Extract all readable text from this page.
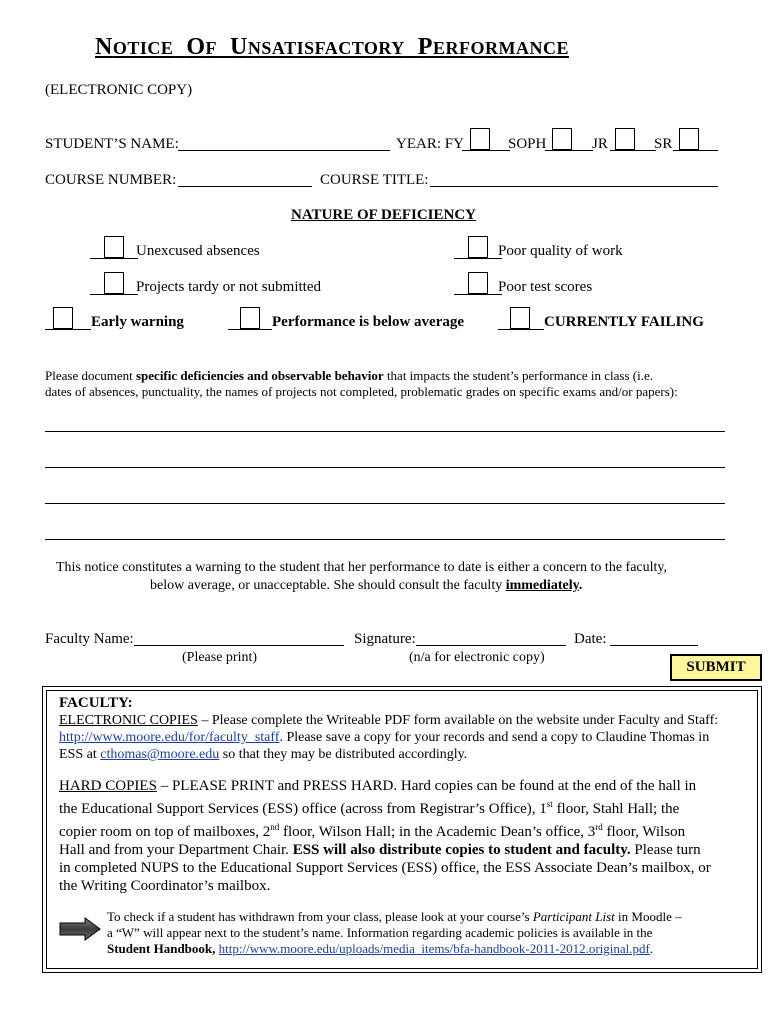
NOTICE OF UNSATISFACTORY PERFORMANCE
(ELECTRONIC COPY)
STUDENT’S NAME:	YEAR: FY	SOPH	JR	SR
COURSE NUMBER:	COURSE TITLE:
NATURE OF DEFICIENCY
Unexcused absences	Poor quality of work
Projects tardy or not submitted	Poor test scores
Early warning	Performance is below average	CURRENTLY FAILING
Please document specific deficiencies and observable behavior that impacts the student’s performance in class (i.e.
dates of absences, punctuality, the names of projects not completed, problematic grades on specific exams and/or papers):
This notice constitutes a warning to the student that her performance to date is either a concern to the faculty,
below average, or unacceptable. She should consult the faculty immediately.
Faculty Name:	Signature:	Date:
(Please print)	(n/a for electronic copy)
SUBMIT

FACULTY:

ELECTRONIC COPIES – Please complete the Writeable PDF form available on the website under Faculty and Staff:
http://www.moore.edu/for/faculty_staff. Please save a copy for your records and send a copy to Claudine Thomas in
ESS at cthomas@moore.edu so that they may be distributed accordingly.

HARD COPIES – PLEASE PRINT and PRESS HARD. Hard copies can be found at the end of the hall in
the Educational Support Services (ESS) office (across from Registrar’s Office), 1st floor, Stahl Hall; the
copier room on top of mailboxes, 2nd floor, Wilson Hall; in the Academic Dean’s office, 3rd floor, Wilson
Hall and from your Department Chair. ESS will also distribute copies to student and faculty. Please turn
in completed NUPS to the Educational Support Services (ESS) office, the ESS Associate Dean’s mailbox, or
the Writing Coordinator’s mailbox.

To check if a student has withdrawn from your class, please look at your course’s Participant List in Moodle –
a “W” will appear next to the student’s name. Information regarding academic policies is available in the
Student Handbook, http://www.moore.edu/uploads/media_items/bfa-handbook-2011-2012.original.pdf.
